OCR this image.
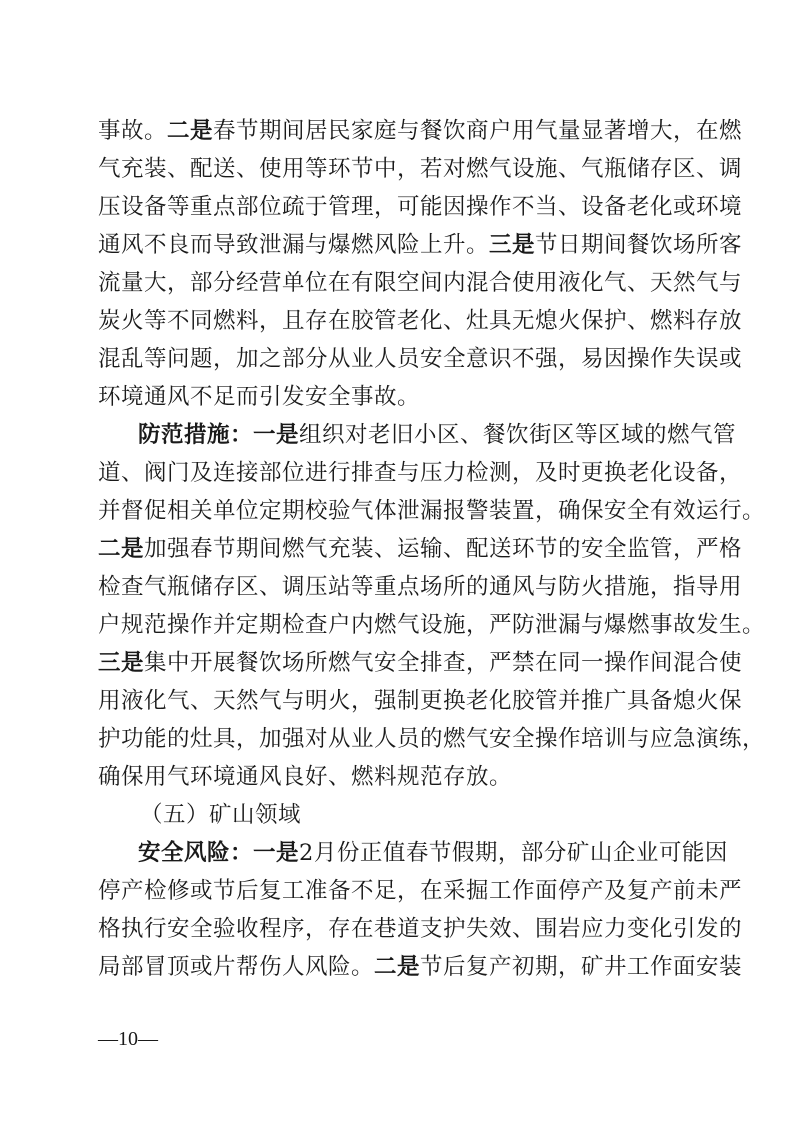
事故。二是春节期间居民家庭与餐饮商户用气量显著增大，在燃
气充装、配送、使用等环节中，若对燃气设施、气瓶储存区、调
压设备等重点部位疏于管理，可能因操作不当、设备老化或环境
通风不良而导致泄漏与爆燃风险上升。三是节日期间餐饮场所客
流量大，部分经营单位在有限空间内混合使用液化气、天然气与
炭火等不同燃料，且存在胶管老化、灶具无熄火保护、燃料存放
混乱等问题，加之部分从业人员安全意识不强，易因操作失误或
环境通风不足而引发安全事故。
防范措施：一是组织对老旧小区、餐饮街区等区域的燃气管
道、阀门及连接部位进行排查与压力检测，及时更换老化设备，
并督促相关单位定期校验气体泄漏报警装置，确保安全有效运行。
二是加强春节期间燃气充装、运输、配送环节的安全监管，严格
检查气瓶储存区、调压站等重点场所的通风与防火措施，指导用
户规范操作并定期检查户内燃气设施，严防泄漏与爆燃事故发生。
三是集中开展餐饮场所燃气安全排查，严禁在同一操作间混合使
用液化气、天然气与明火，强制更换老化胶管并推广具备熄火保
护功能的灶具，加强对从业人员的燃气安全操作培训与应急演练，
确保用气环境通风良好、燃料规范存放。
（五）矿山领域
安全风险：一是2月份正值春节假期，部分矿山企业可能因
停产检修或节后复工准备不足，在采掘工作面停产及复产前未严
格执行安全验收程序，存在巷道支护失效、围岩应力变化引发的
局部冒顶或片帮伤人风险。二是节后复产初期，矿井工作面安装
—10—
